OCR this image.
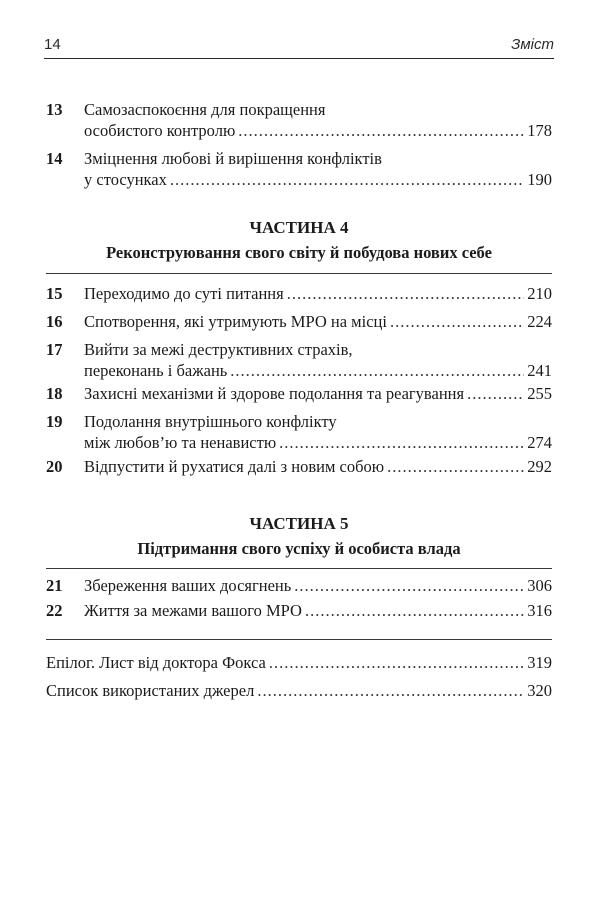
14	Зміст
13	Самозаспокоєння для покращення
особистого контролю .....	178
14	Зміцнення любові й вирішення конфліктів
у стосунках .....	190
ЧАСТИНА 4
Реконструювання свого світу й побудова нових себе
15	Переходимо до суті питання .....	210
16	Спотворення, які утримують МРО на місці .....	224
17	Вийти за межі деструктивних страхів,
переконань і бажань .....	241
18	Захисні механізми й здорове подолання та реагування .....	255
19	Подолання внутрішнього конфлікту
між любов’ю та ненавистю .....	274
20	Відпустити й рухатися далі з новим собою .....	292
ЧАСТИНА 5
Підтримання свого успіху й особиста влада
21	Збереження ваших досягнень .....	306
22	Життя за межами вашого МРО .....	316
Епілог. Лист від доктора Фокса .....	319
Список використаних джерел .....	320
